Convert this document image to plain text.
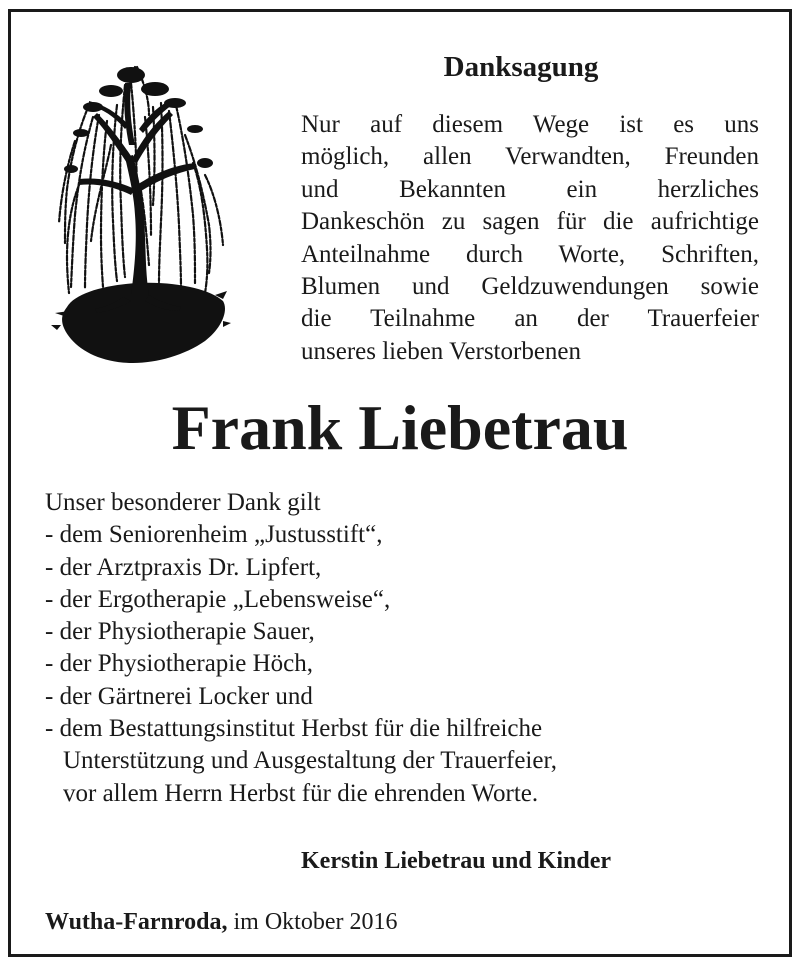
Danksagung
Nur auf diesem Wege ist es uns
möglich, allen Verwandten, Freunden
und Bekannten ein herzliches
Dankeschön zu sagen für die aufrichtige
Anteilnahme durch Worte, Schriften,
Blumen und Geldzuwendungen sowie
die Teilnahme an der Trauerfeier
unseres lieben Verstorbenen
Frank Liebetrau
Unser besonderer Dank gilt
- dem Seniorenheim „Justusstift“,
- der Arztpraxis Dr. Lipfert,
- der Ergotherapie „Lebensweise“,
- der Physiotherapie Sauer,
- der Physiotherapie Höch,
- der Gärtnerei Locker und
- dem Bestattungsinstitut Herbst für die hilfreiche
Unterstützung und Ausgestaltung der Trauerfeier,
vor allem Herrn Herbst für die ehrenden Worte.

Kerstin Liebetrau und Kinder

Wutha-Farnroda, im Oktober 2016
